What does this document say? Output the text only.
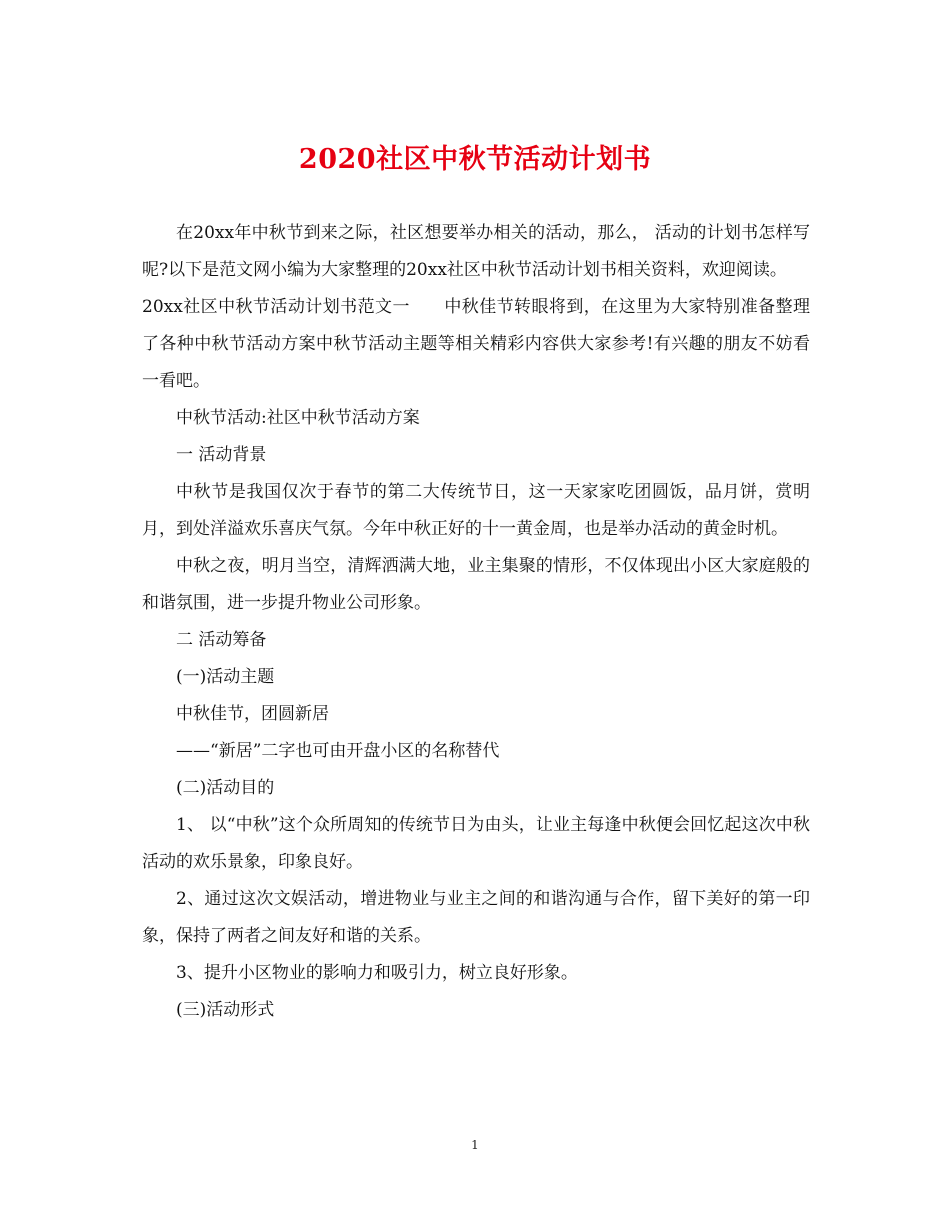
2020社区中秋节活动计划书

在20xx年中秋节到来之际，社区想要举办相关的活动，那么， 活动的计划书怎样写呢?以下是范文网小编为大家整理的20xx社区中秋节活动计划书相关资料，欢迎阅读。

20xx社区中秋节活动计划书范文一 中秋佳节转眼将到，在这里为大家特别准备整理了各种中秋节活动方案中秋节活动主题等相关精彩内容供大家参考!有兴趣的朋友不妨看一看吧。

中秋节活动:社区中秋节活动方案

一 活动背景

中秋节是我国仅次于春节的第二大传统节日，这一天家家吃团圆饭，品月饼，赏明月，到处洋溢欢乐喜庆气氛。今年中秋正好的十一黄金周，也是举办活动的黄金时机。

中秋之夜，明月当空，清辉洒满大地，业主集聚的情形，不仅体现出小区大家庭般的和谐氛围，进一步提升物业公司形象。

二 活动筹备

(一)活动主题

中秋佳节，团圆新居

——“新居”二字也可由开盘小区的名称替代

(二)活动目的

1、 以“中秋”这个众所周知的传统节日为由头，让业主每逢中秋便会回忆起这次中秋活动的欢乐景象，印象良好。

2、通过这次文娱活动，增进物业与业主之间的和谐沟通与合作，留下美好的第一印象，保持了两者之间友好和谐的关系。

3、提升小区物业的影响力和吸引力，树立良好形象。

(三)活动形式

1
